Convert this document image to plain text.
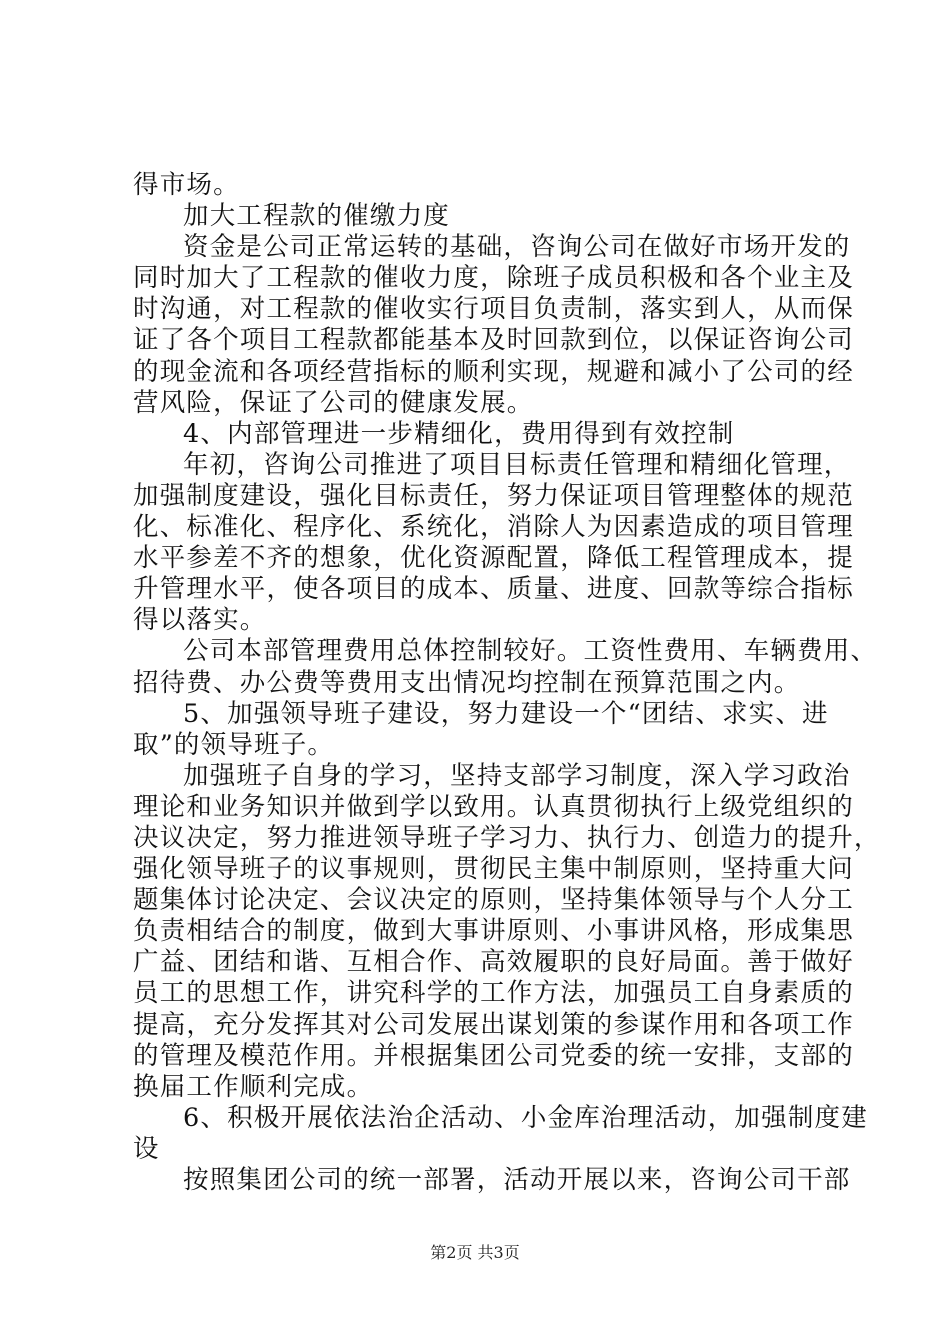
得市场。
加大工程款的催缴力度
资金是公司正常运转的基础，咨询公司在做好市场开发的
同时加大了工程款的催收力度，除班子成员积极和各个业主及
时沟通，对工程款的催收实行项目负责制，落实到人，从而保
证了各个项目工程款都能基本及时回款到位，以保证咨询公司
的现金流和各项经营指标的顺利实现，规避和减小了公司的经
营风险，保证了公司的健康发展。
4、内部管理进一步精细化，费用得到有效控制
年初，咨询公司推进了项目目标责任管理和精细化管理，
加强制度建设，强化目标责任，努力保证项目管理整体的规范
化、标准化、程序化、系统化，消除人为因素造成的项目管理
水平参差不齐的想象，优化资源配置，降低工程管理成本，提
升管理水平，使各项目的成本、质量、进度、回款等综合指标
得以落实。
公司本部管理费用总体控制较好。工资性费用、车辆费用、
招待费、办公费等费用支出情况均控制在预算范围之内。
5、加强领导班子建设，努力建设一个“团结、求实、进
取”的领导班子。
加强班子自身的学习，坚持支部学习制度，深入学习政治
理论和业务知识并做到学以致用。认真贯彻执行上级党组织的
决议决定，努力推进领导班子学习力、执行力、创造力的提升，
强化领导班子的议事规则，贯彻民主集中制原则，坚持重大问
题集体讨论决定、会议决定的原则，坚持集体领导与个人分工
负责相结合的制度，做到大事讲原则、小事讲风格，形成集思
广益、团结和谐、互相合作、高效履职的良好局面。善于做好
员工的思想工作，讲究科学的工作方法，加强员工自身素质的
提高，充分发挥其对公司发展出谋划策的参谋作用和各项工作
的管理及模范作用。并根据集团公司党委的统一安排，支部的
换届工作顺利完成。
6、积极开展依法治企活动、小金库治理活动，加强制度建
设
按照集团公司的统一部署，活动开展以来，咨询公司干部
第2页 共3页
